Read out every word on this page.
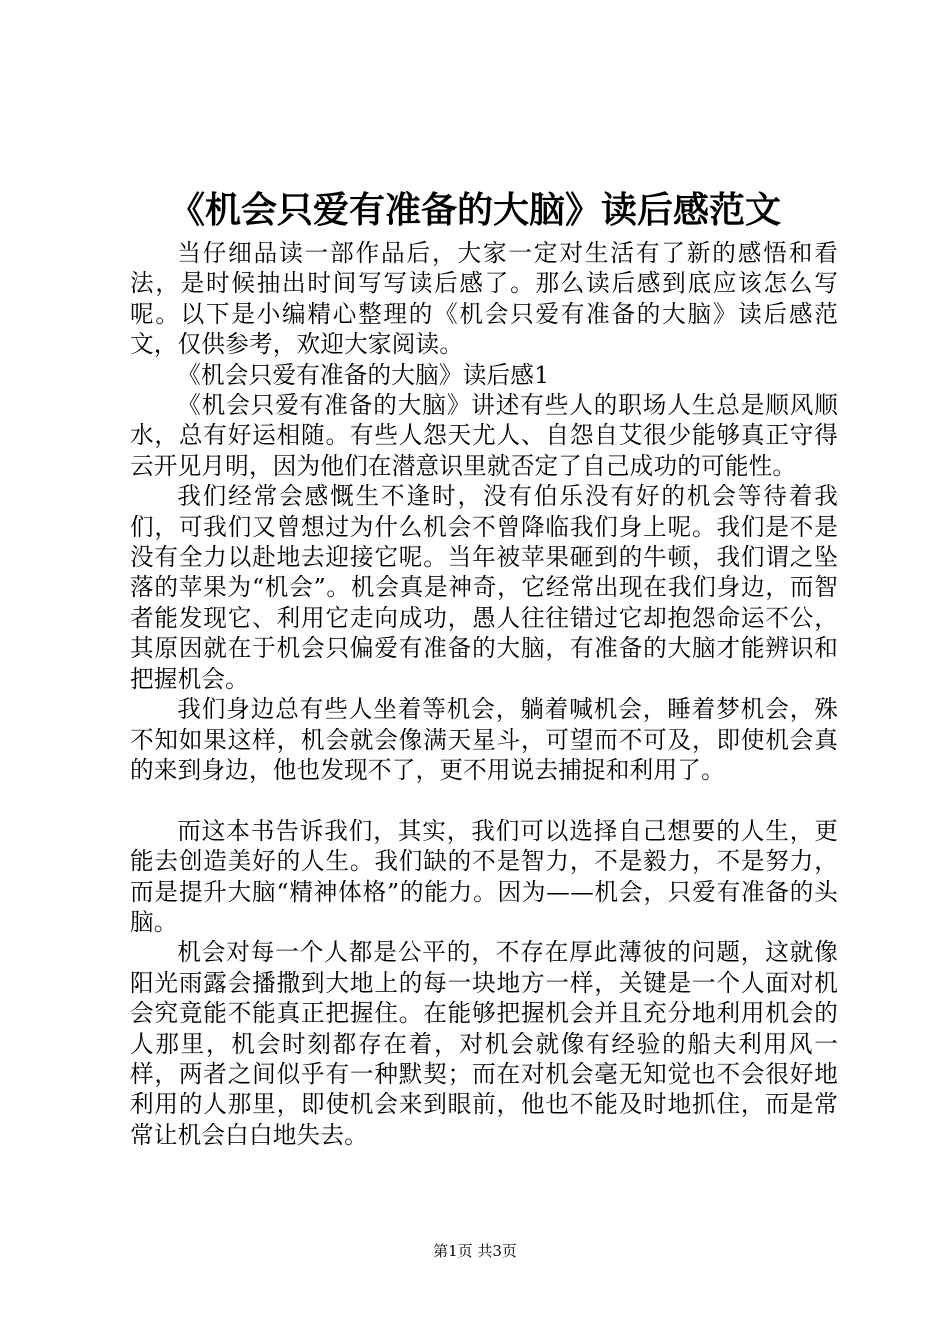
《机会只爱有准备的大脑》读后感范文

当仔细品读一部作品后，大家一定对生活有了新的感悟和看法，是时候抽出时间写写读后感了。那么读后感到底应该怎么写呢。以下是小编精心整理的《机会只爱有准备的大脑》读后感范文，仅供参考，欢迎大家阅读。

《机会只爱有准备的大脑》读后感1

《机会只爱有准备的大脑》讲述有些人的职场人生总是顺风顺水，总有好运相随。有些人怨天尤人、自怨自艾很少能够真正守得云开见月明，因为他们在潜意识里就否定了自己成功的可能性。

我们经常会感慨生不逢时，没有伯乐没有好的机会等待着我们，可我们又曾想过为什么机会不曾降临我们身上呢。我们是不是没有全力以赴地去迎接它呢。当年被苹果砸到的牛顿，我们谓之坠落的苹果为“机会”。机会真是神奇，它经常出现在我们身边，而智者能发现它、利用它走向成功，愚人往往错过它却抱怨命运不公，其原因就在于机会只偏爱有准备的大脑，有准备的大脑才能辨识和把握机会。

我们身边总有些人坐着等机会，躺着喊机会，睡着梦机会，殊不知如果这样，机会就会像满天星斗，可望而不可及，即使机会真的来到身边，他也发现不了，更不用说去捕捉和利用了。

而这本书告诉我们，其实，我们可以选择自己想要的人生，更能去创造美好的人生。我们缺的不是智力，不是毅力，不是努力，而是提升大脑“精神体格”的能力。因为——机会，只爱有准备的头脑。

机会对每一个人都是公平的，不存在厚此薄彼的问题，这就像阳光雨露会播撒到大地上的每一块地方一样，关键是一个人面对机会究竟能不能真正把握住。在能够把握机会并且充分地利用机会的人那里，机会时刻都存在着，对机会就像有经验的船夫利用风一样，两者之间似乎有一种默契；而在对机会毫无知觉也不会很好地利用的人那里，即使机会来到眼前，他也不能及时地抓住，而是常常让机会白白地失去。

第1页 共3页
